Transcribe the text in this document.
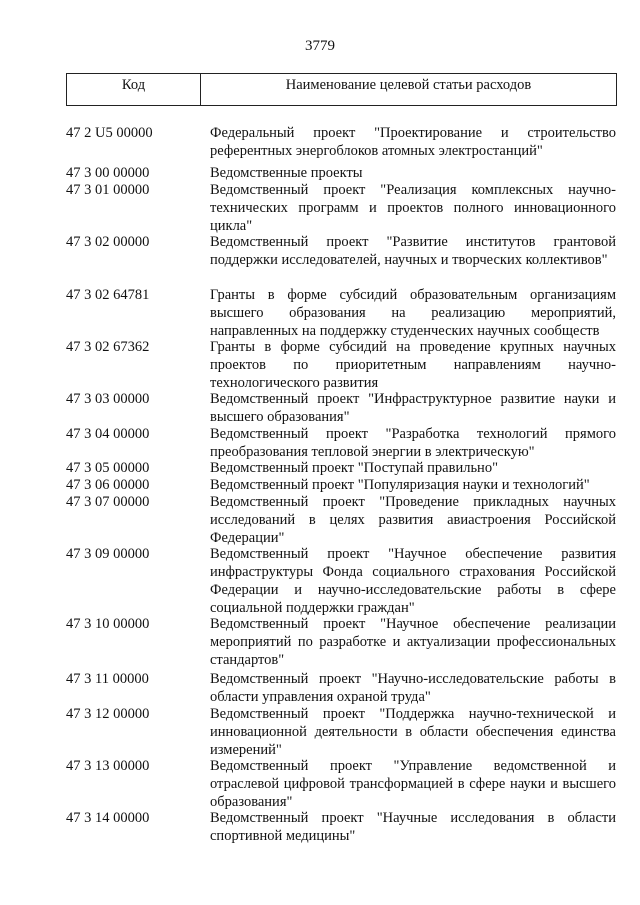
3779
Код	Наименование целевой статьи расходов
47 2 U5 00000	Федеральный проект "Проектирование и строительство референтных энергоблоков атомных электростанций"
47 3 00 00000	Ведомственные проекты
47 3 01 00000	Ведомственный проект "Реализация комплексных научно-технических программ и проектов полного инновационного цикла"
47 3 02 00000	Ведомственный проект "Развитие институтов грантовой поддержки исследователей, научных и творческих коллективов"
47 3 02 64781	Гранты в форме субсидий образовательным организациям высшего образования на реализацию мероприятий, направленных на поддержку студенческих научных сообществ
47 3 02 67362	Гранты в форме субсидий на проведение крупных научных проектов по приоритетным направлениям научно-технологического развития
47 3 03 00000	Ведомственный проект "Инфраструктурное развитие науки и высшего образования"
47 3 04 00000	Ведомственный проект "Разработка технологий прямого преобразования тепловой энергии в электрическую"
47 3 05 00000	Ведомственный проект "Поступай правильно"
47 3 06 00000	Ведомственный проект "Популяризация науки и технологий"
47 3 07 00000	Ведомственный проект "Проведение прикладных научных исследований в целях развития авиастроения Российской Федерации"
47 3 09 00000	Ведомственный проект "Научное обеспечение развития инфраструктуры Фонда социального страхования Российской Федерации и научно-исследовательские работы в сфере социальной поддержки граждан"
47 3 10 00000	Ведомственный проект "Научное обеспечение реализации мероприятий по разработке и актуализации профессиональных стандартов"
47 3 11 00000	Ведомственный проект "Научно-исследовательские работы в области управления охраной труда"
47 3 12 00000	Ведомственный проект "Поддержка научно-технической и инновационной деятельности в области обеспечения единства измерений"
47 3 13 00000	Ведомственный проект "Управление ведомственной и отраслевой цифровой трансформацией в сфере науки и высшего образования"
47 3 14 00000	Ведомственный проект "Научные исследования в области спортивной медицины"
